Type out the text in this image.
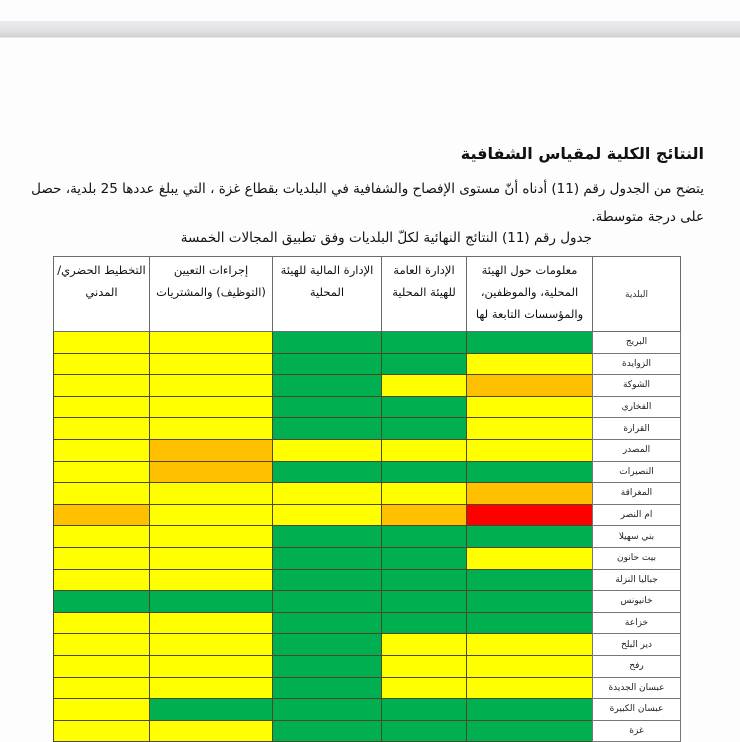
النتائج الكلية لمقياس الشفافية
يتضح من الجدول رقم (11) أدناه أنّ مستوى الإفصاح والشفافية في البلديات بقطاع غزة ، التي يبلغ عددها 25 بلدية، حصل على درجة متوسطة.
جدول رقم (11) النتائج النهائية لكلّ البلديات وفق تطبيق المجالات الخمسة
البلدية	معلومات حول الهيئة المحلية، والموظفين، والمؤسسات التابعة لها	الإدارة العامة للهيئة المحلية	الإدارة المالية للهيئة المحلية	إجراءات التعيين (التوظيف) والمشتريات	التخطيط الحضري/المدني
البريج					
الزوايدة					
الشوكة					
الفخاري					
القرارة					
المصدر					
النصيرات					
المغراقة					
ام النصر					
بني سهيلا					
بيت حانون					
جباليا النزلة					
خانيونس					
خزاعة					
دير البلح					
رفح					
عبسان الجديدة					
عبسان الكبيرة					
غزة					
